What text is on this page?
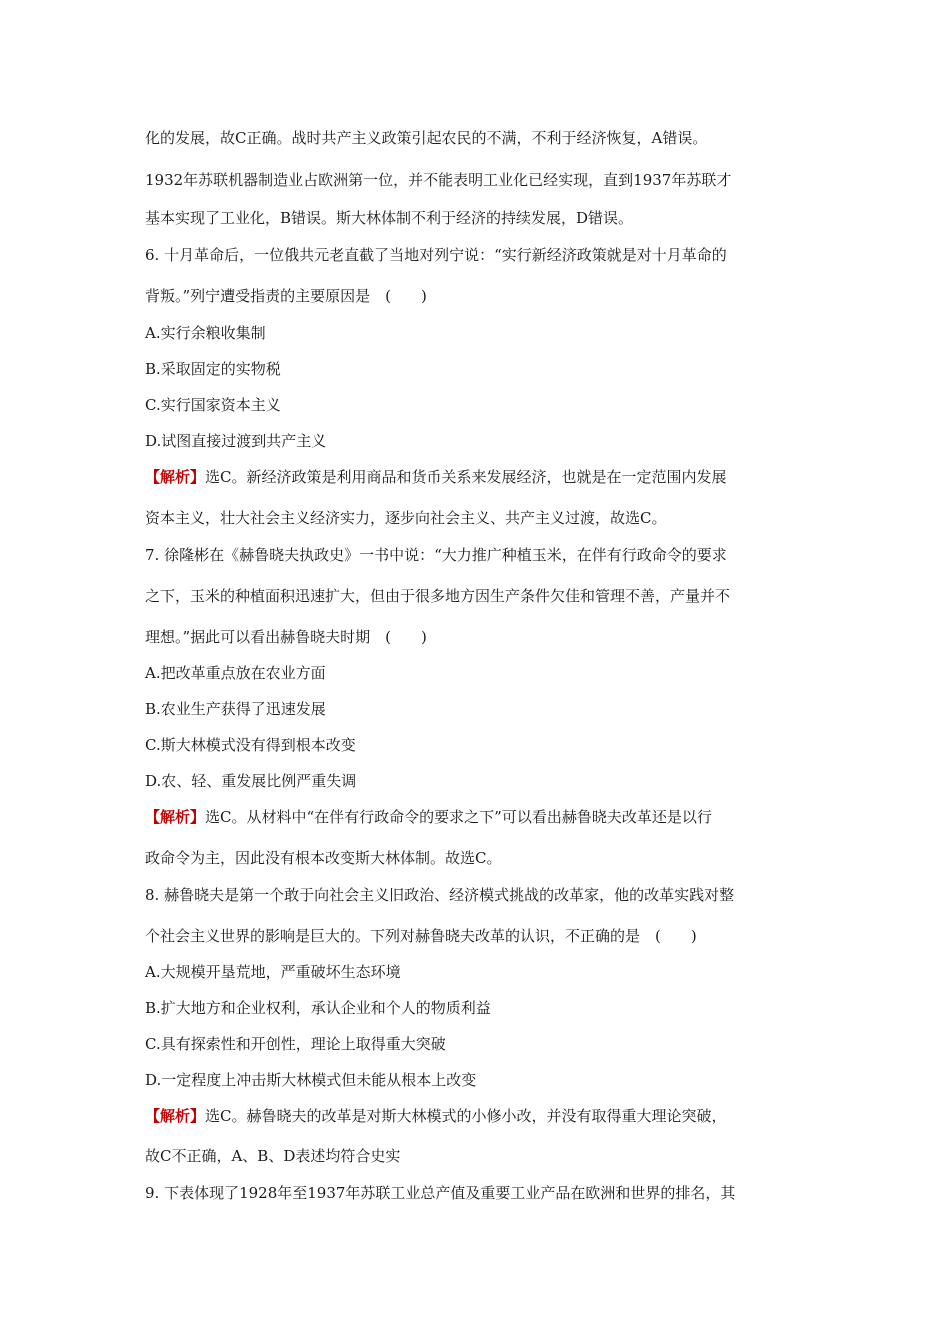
化的发展，故C正确。战时共产主义政策引起农民的不满，不利于经济恢复，A错误。
1932年苏联机器制造业占欧洲第一位，并不能表明工业化已经实现，直到1937年苏联才
基本实现了工业化，B错误。斯大林体制不利于经济的持续发展，D错误。
6. 十月革命后，一位俄共元老直截了当地对列宁说：“实行新经济政策就是对十月革命的
背叛。”列宁遭受指责的主要原因是　(　　)
A.实行余粮收集制
B.采取固定的实物税
C.实行国家资本主义
D.试图直接过渡到共产主义
【解析】选C。新经济政策是利用商品和货币关系来发展经济，也就是在一定范围内发展
资本主义，壮大社会主义经济实力，逐步向社会主义、共产主义过渡，故选C。
7. 徐隆彬在《赫鲁晓夫执政史》一书中说：“大力推广种植玉米，在伴有行政命令的要求
之下，玉米的种植面积迅速扩大，但由于很多地方因生产条件欠佳和管理不善，产量并不
理想。”据此可以看出赫鲁晓夫时期　(　　)
A.把改革重点放在农业方面
B.农业生产获得了迅速发展
C.斯大林模式没有得到根本改变
D.农、轻、重发展比例严重失调
【解析】选C。从材料中“在伴有行政命令的要求之下”可以看出赫鲁晓夫改革还是以行
政命令为主，因此没有根本改变斯大林体制。故选C。
8. 赫鲁晓夫是第一个敢于向社会主义旧政治、经济模式挑战的改革家，他的改革实践对整
个社会主义世界的影响是巨大的。下列对赫鲁晓夫改革的认识，不正确的是　(　　)
A.大规模开垦荒地，严重破坏生态环境
B.扩大地方和企业权利，承认企业和个人的物质利益
C.具有探索性和开创性，理论上取得重大突破
D.一定程度上冲击斯大林模式但未能从根本上改变
【解析】选C。赫鲁晓夫的改革是对斯大林模式的小修小改，并没有取得重大理论突破，
故C不正确，A、B、D表述均符合史实
9. 下表体现了1928年至1937年苏联工业总产值及重要工业产品在欧洲和世界的排名，其
